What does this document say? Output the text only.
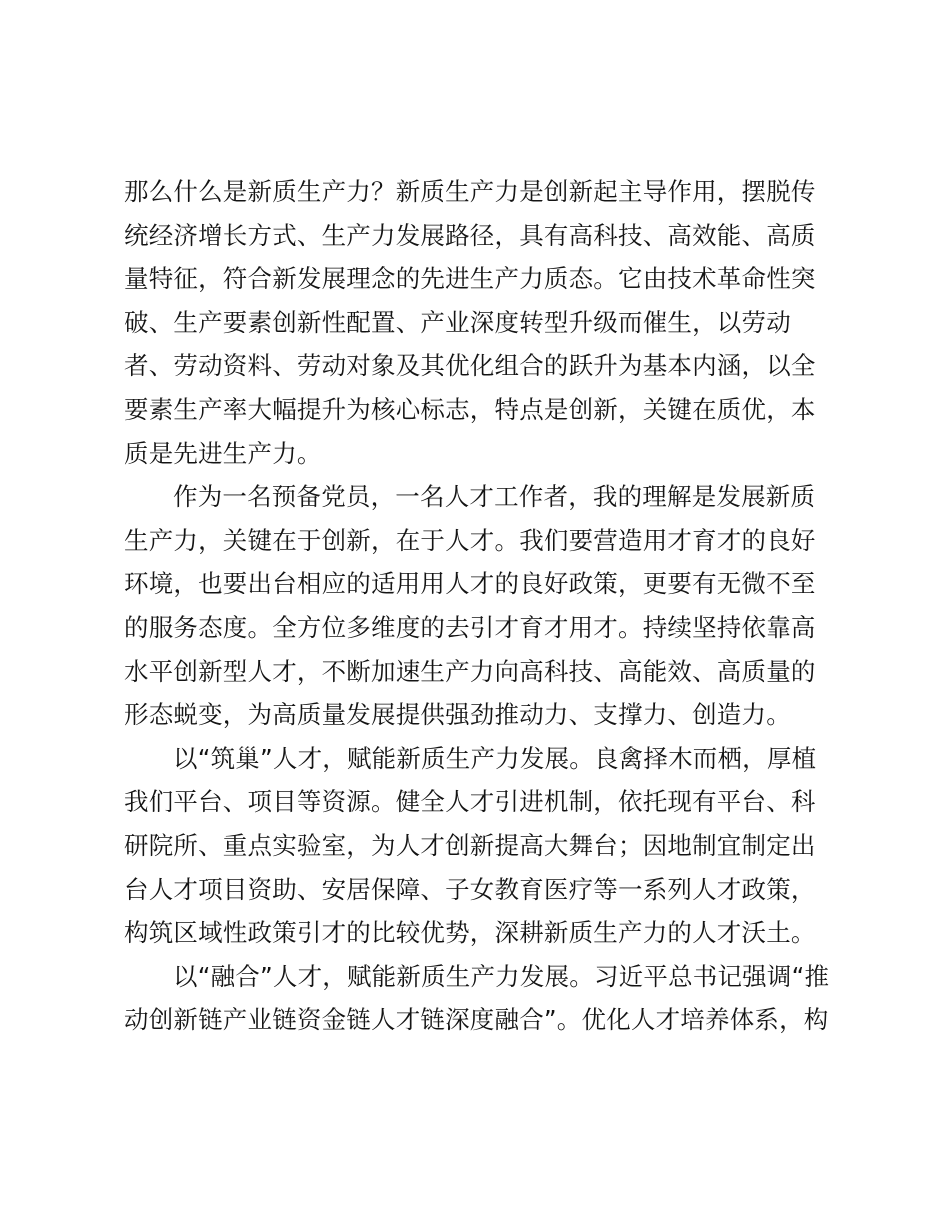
那么什么是新质生产力？新质生产力是创新起主导作用，摆脱传
统经济增长方式、生产力发展路径，具有高科技、高效能、高质
量特征，符合新发展理念的先进生产力质态。它由技术革命性突
破、生产要素创新性配置、产业深度转型升级而催生，以劳动
者、劳动资料、劳动对象及其优化组合的跃升为基本内涵，以全
要素生产率大幅提升为核心标志，特点是创新，关键在质优，本
质是先进生产力。
作为一名预备党员，一名人才工作者，我的理解是发展新质
生产力，关键在于创新，在于人才。我们要营造用才育才的良好
环境，也要出台相应的适用用人才的良好政策，更要有无微不至
的服务态度。全方位多维度的去引才育才用才。持续坚持依靠高
水平创新型人才，不断加速生产力向高科技、高能效、高质量的
形态蜕变，为高质量发展提供强劲推动力、支撑力、创造力。
以“筑巢”人才，赋能新质生产力发展。良禽择木而栖，厚植
我们平台、项目等资源。健全人才引进机制，依托现有平台、科
研院所、重点实验室，为人才创新提高大舞台；因地制宜制定出
台人才项目资助、安居保障、子女教育医疗等一系列人才政策，
构筑区域性政策引才的比较优势，深耕新质生产力的人才沃土。
以“融合”人才，赋能新质生产力发展。习近平总书记强调“推
动创新链产业链资金链人才链深度融合”。优化人才培养体系，构
